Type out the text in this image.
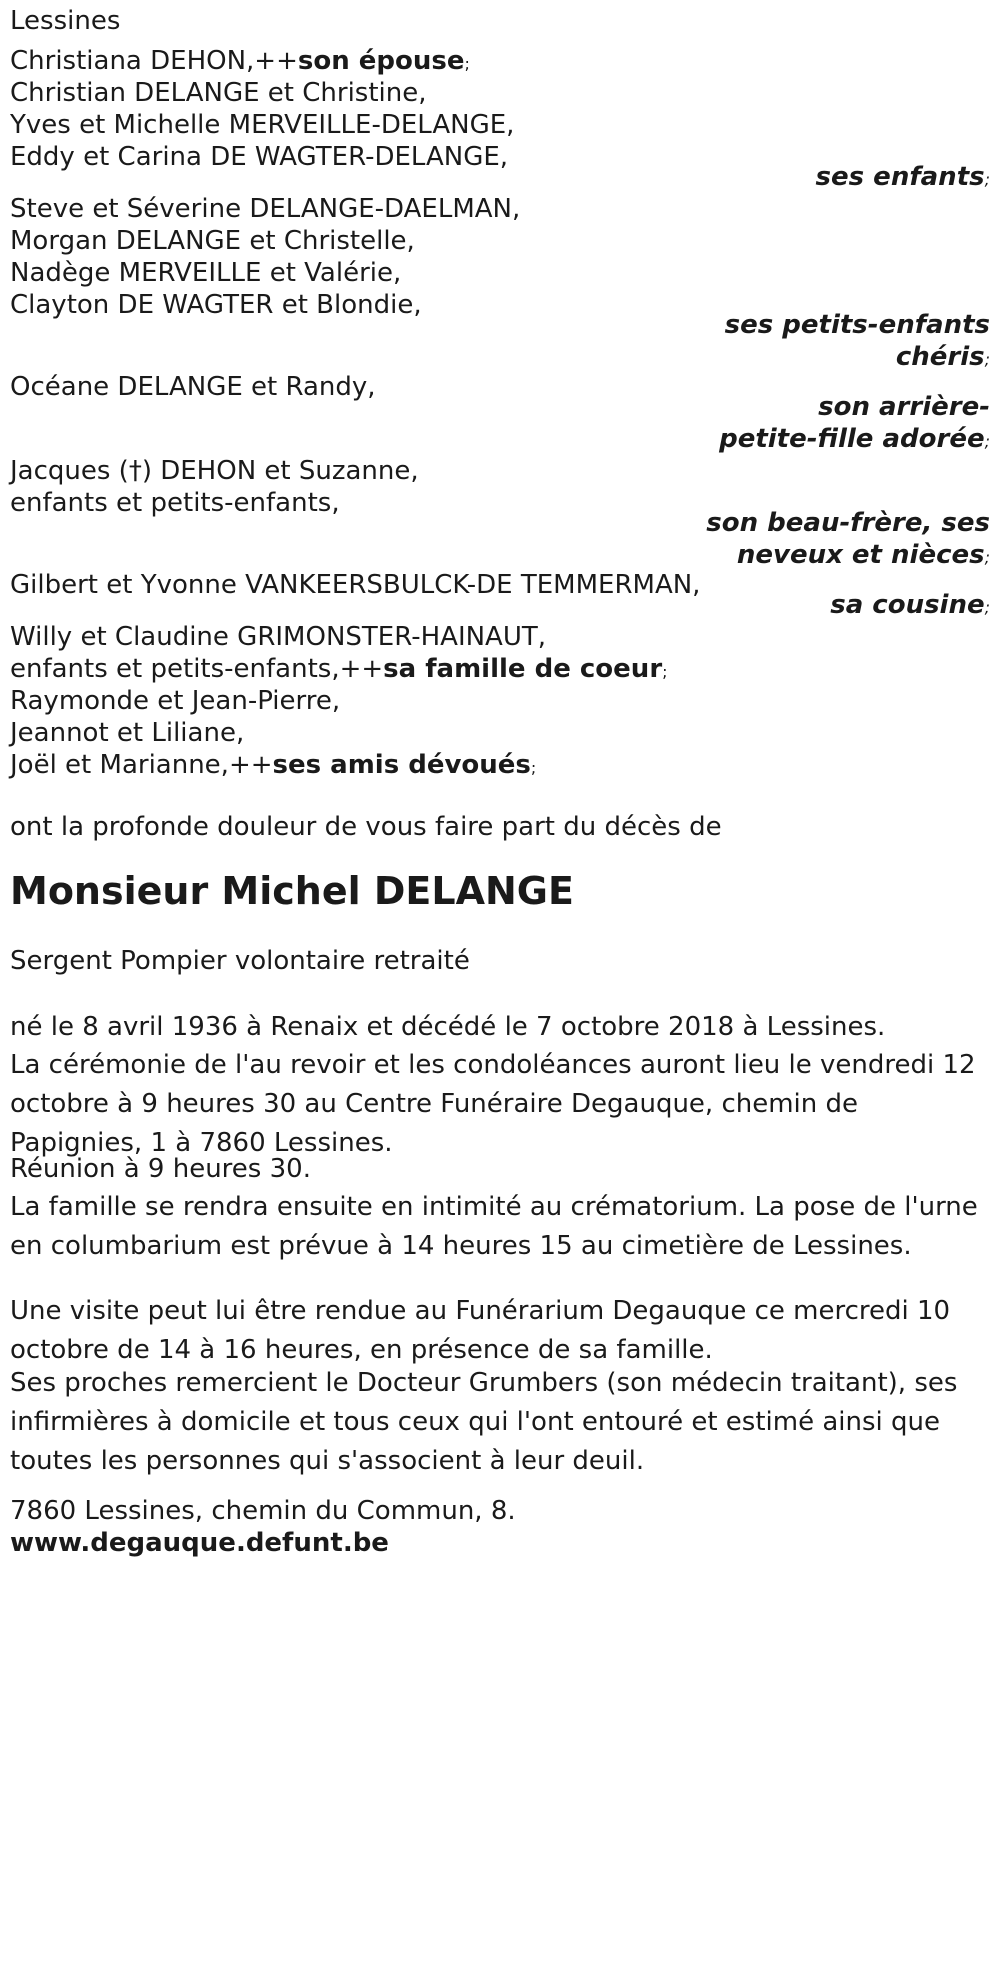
Lessines
Christiana DEHON,++son épouse;
Christian DELANGE et Christine,
Yves et Michelle MERVEILLE-DELANGE,
Eddy et Carina DE WAGTER-DELANGE,
ses enfants;
Steve et Séverine DELANGE-DAELMAN,
Morgan DELANGE et Christelle,
Nadège MERVEILLE et Valérie,
Clayton DE WAGTER et Blondie,
ses petits-enfants
chéris;
Océane DELANGE et Randy,
son arrière-
petite-fille adorée;
Jacques (†) DEHON et Suzanne,
enfants et petits-enfants,
son beau-frère, ses
neveux et nièces;
Gilbert et Yvonne VANKEERSBULCK-DE TEMMERMAN,
sa cousine;
Willy et Claudine GRIMONSTER-HAINAUT,
enfants et petits-enfants,++sa famille de coeur;
Raymonde et Jean-Pierre,
Jeannot et Liliane,
Joël et Marianne,++ses amis dévoués;
ont la profonde douleur de vous faire part du décès de
Monsieur Michel DELANGE
Sergent Pompier volontaire retraité
né le 8 avril 1936 à Renaix et décédé le 7 octobre 2018 à Lessines.
La cérémonie de l'au revoir et les condoléances auront lieu le vendredi 12 octobre à 9 heures 30 au Centre Funéraire Degauque, chemin de Papignies, 1 à 7860 Lessines.
Réunion à 9 heures 30.
La famille se rendra ensuite en intimité au crématorium. La pose de l'urne en columbarium est prévue à 14 heures 15 au cimetière de Lessines.
Une visite peut lui être rendue au Funérarium Degauque ce mercredi 10 octobre de 14 à 16 heures, en présence de sa famille.
Ses proches remercient le Docteur Grumbers (son médecin traitant), ses infirmières à domicile et tous ceux qui l'ont entouré et estimé ainsi que toutes les personnes qui s'associent à leur deuil.
7860 Lessines, chemin du Commun, 8.
www.degauque.defunt.be
